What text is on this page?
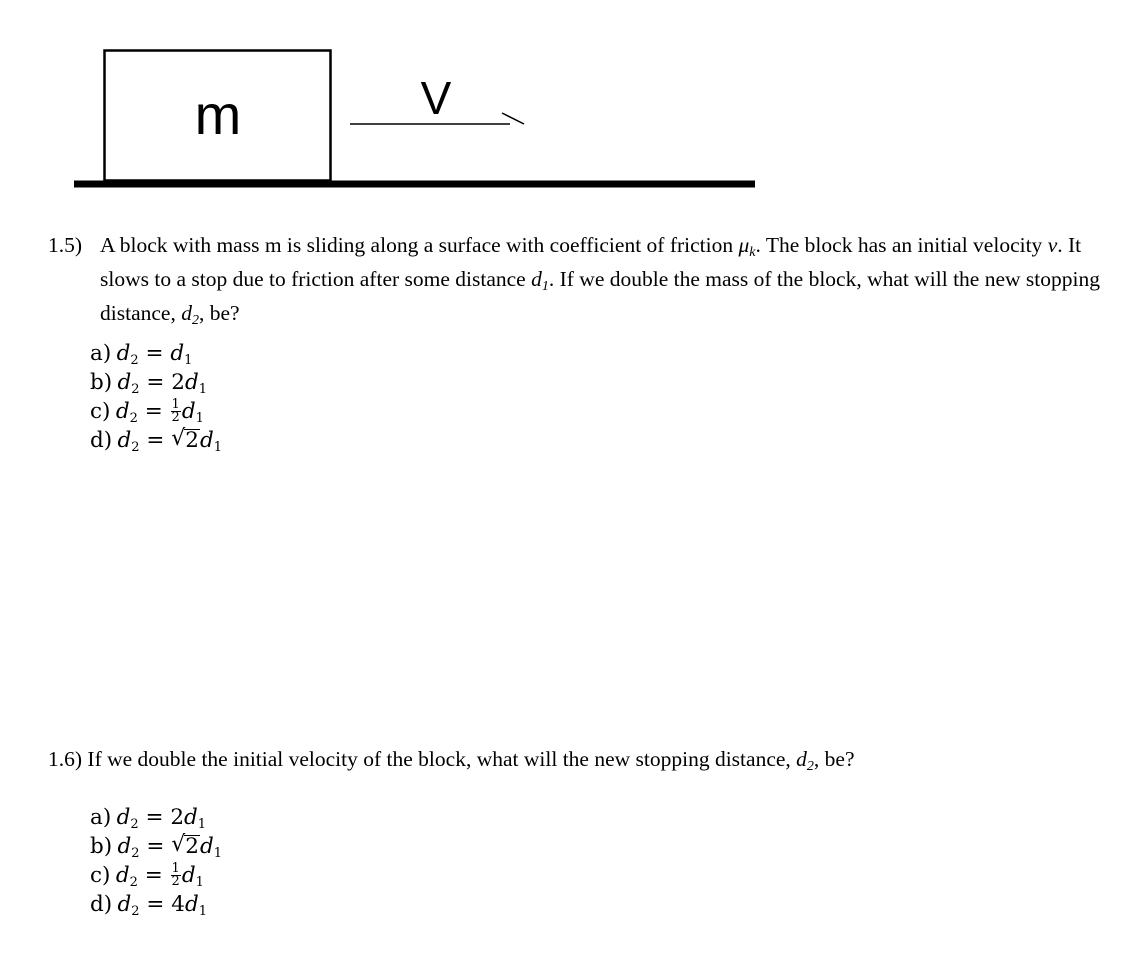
m	V
1.5) A block with mass m is sliding along a surface with coefficient of friction μk. The block has an initial velocity v. It slows to a stop due to friction after some distance d1. If we double the mass of the block, what will the new stopping distance, d2, be?
a) $d_2 = d_1$
b) $d_2 = 2d_1$
c) $d_2 = \frac{1}{2} d_1$
d) $d_2$ = √ $2d_1$
1.6) If we double the initial velocity of the block, what will the new stopping distance, d2, be?
a) $d_2 = 2d_1$
b) $d_2$ = √ $2d_1$
c) $d_2 = \frac{1}{2} d_1$
d) $d_2 = 4d_1$
